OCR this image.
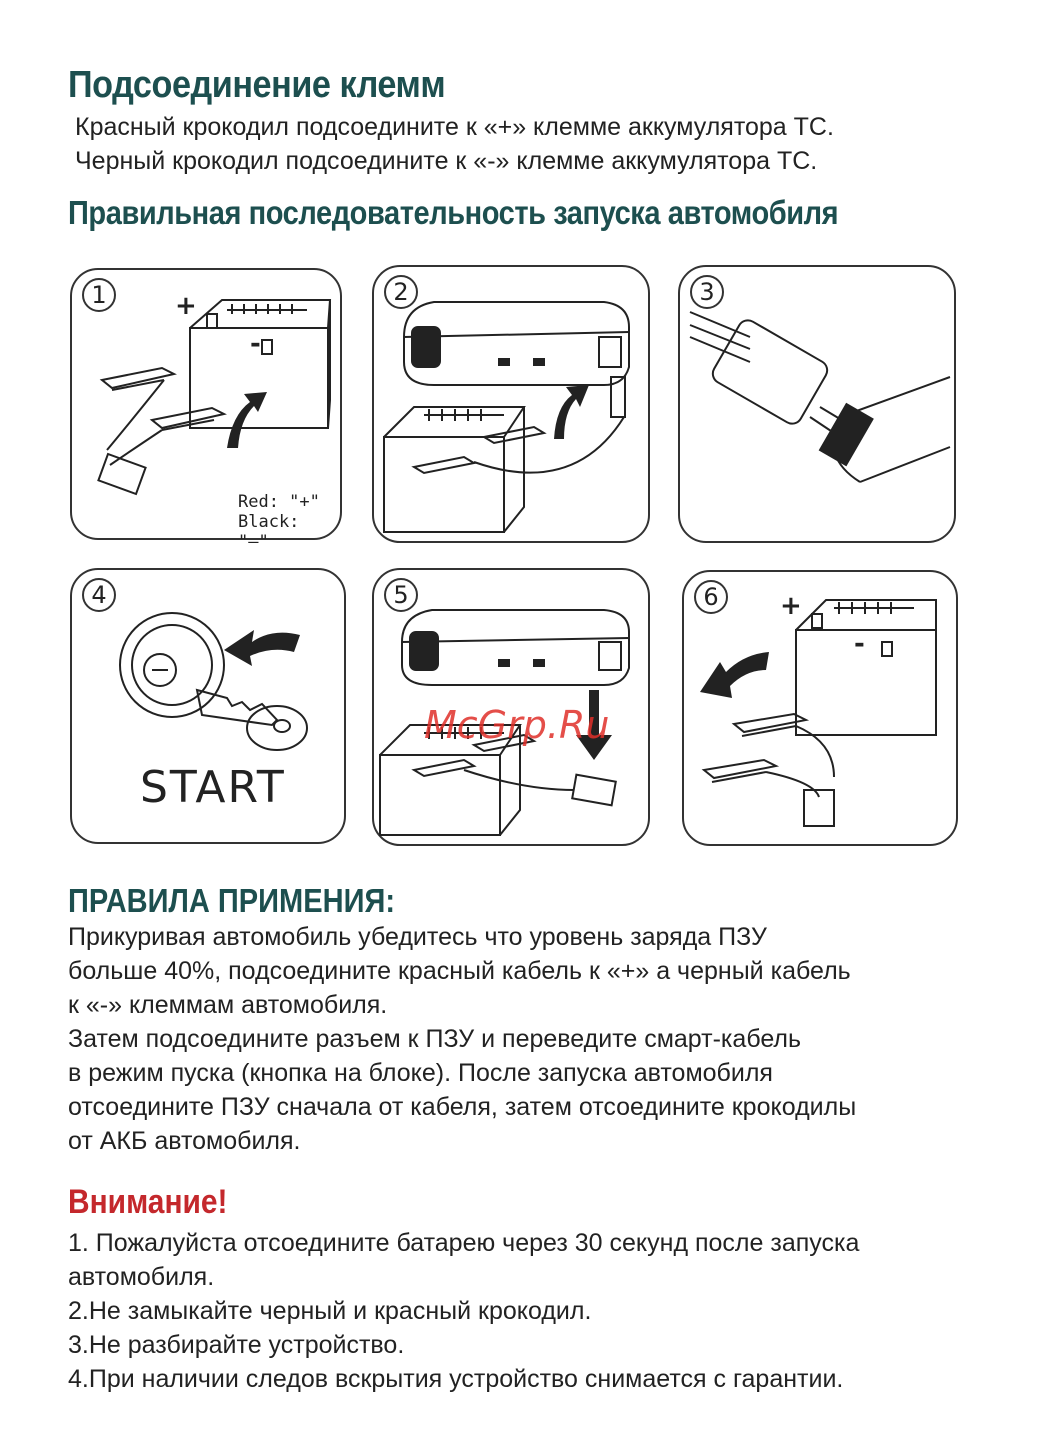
Подсоединение клемм
Красный крокодил подсоедините к «+» клемме аккумулятора ТС.
Черный крокодил подсоедините к «-» клемме аккумулятора ТС.
Правильная последовательность запуска автомобиля
1	+
-
Red: "+"
Black: "–"
2	3
4
START
5
McGrp.Ru
6	+
-
ПРАВИЛА ПРИМЕНИЯ:
Прикуривая автомобиль убедитесь что уровень заряда ПЗУ
больше 40%, подсоедините красный кабель к «+» а черный кабель
к «-» клеммам автомобиля.
Затем подсоедините разъем к ПЗУ и переведите смарт-кабель
в режим пуска (кнопка на блоке). После запуска автомобиля
отсоедините ПЗУ сначала от кабеля, затем отсоедините крокодилы
от АКБ автомобиля.
Внимание!
1. Пожалуйста отсоедините батарею через 30 секунд после запуска
автомобиля.
2.Не замыкайте черный и красный крокодил.
3.Не разбирайте устройство.
4.При наличии следов вскрытия устройство снимается с гарантии.
